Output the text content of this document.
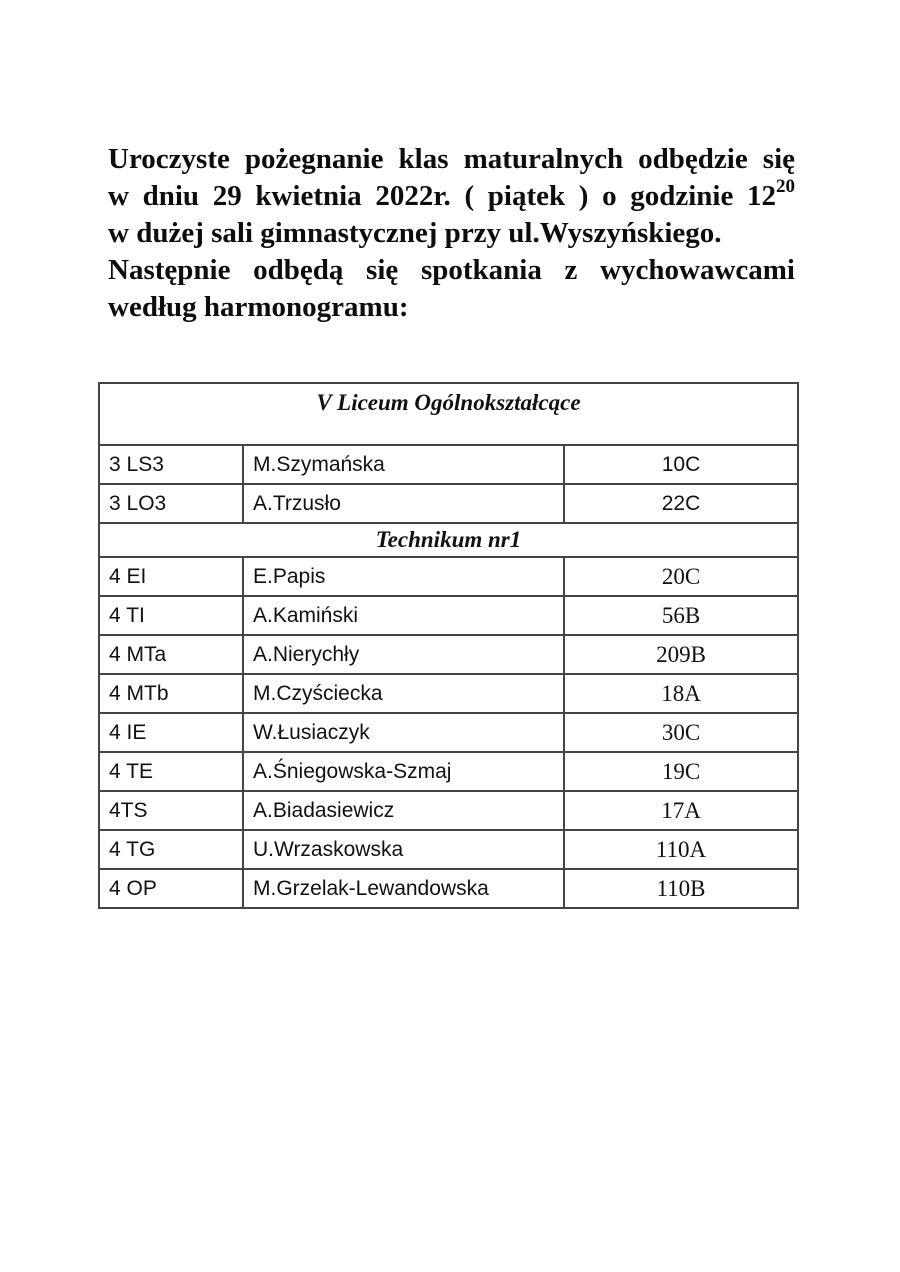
Uroczyste pożegnanie klas maturalnych odbędzie się
w dniu 29 kwietnia 2022r. ( piątek ) o godzinie $12^{20}$
w dużej sali gimnastycznej przy ul.Wyszyńskiego.
Następnie odbędą się spotkania z wychowawcami
według harmonogramu:
V Liceum Ogólnokształcące		
3 LS3	M.Szymańska	10C
3 LO3	A.Trzusło	22C
Technikum nr1		
4 EI	E.Papis	20C
4 TI	A.Kamiński	56B
4 MTa	A.Nierychły	209B
4 MTb	M.Czyściecka	18A
4 IE	W.Łusiaczyk	30C
4 TE	A.Śniegowska-Szmaj	19C
4TS	A.Biadasiewicz	17A
4 TG	U.Wrzaskowska	110A
4 OP	M.Grzelak-Lewandowska	110B
